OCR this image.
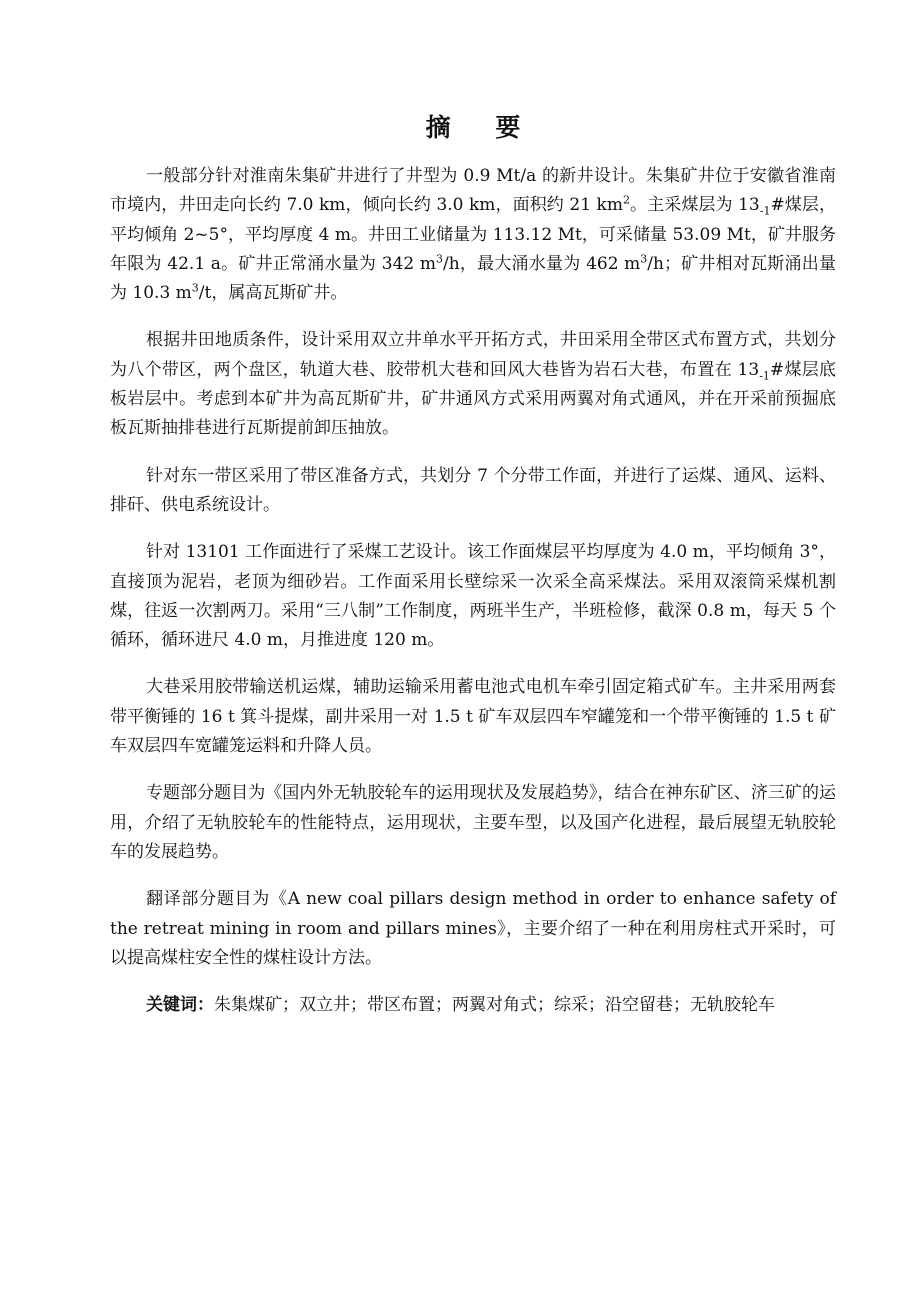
摘 要

一般部分针对淮南朱集矿井进行了井型为 0.9 Mt/a 的新井设计。朱集矿井位于安徽省淮南市境内，井田走向长约 7.0 km，倾向长约 3.0 km，面积约 21 $km^2$。主采煤层为 $13_{-1}\#$煤层，平均倾角 2~5°，平均厚度 4 m。井田工业储量为 113.12 Mt，可采储量 53.09 Mt，矿井服务年限为 42.1 a。矿井正常涌水量为 342 $m^3/h$，最大涌水量为 462 $m^3/h$；矿井相对瓦斯涌出量为 10.3 $m^3/t$，属高瓦斯矿井。

根据井田地质条件，设计采用双立井单水平开拓方式，井田采用全带区式布置方式，共划分为八个带区，两个盘区，轨道大巷、胶带机大巷和回风大巷皆为岩石大巷，布置在 $13_{-1}\#$煤层底板岩层中。考虑到本矿井为高瓦斯矿井，矿井通风方式采用两翼对角式通风，并在开采前预掘底板瓦斯抽排巷进行瓦斯提前卸压抽放。

针对东一带区采用了带区准备方式，共划分 7 个分带工作面，并进行了运煤、通风、运料、排矸、供电系统设计。

针对 13101 工作面进行了采煤工艺设计。该工作面煤层平均厚度为 4.0 m，平均倾角 3°，直接顶为泥岩，老顶为细砂岩。工作面采用长壁综采一次采全高采煤法。采用双滚筒采煤机割煤，往返一次割两刀。采用“三八制”工作制度，两班半生产，半班检修，截深 0.8 m，每天 5 个循环，循环进尺 4.0 m，月推进度 120 m。

大巷采用胶带输送机运煤，辅助运输采用蓄电池式电机车牵引固定箱式矿车。主井采用两套带平衡锤的 16 t 箕斗提煤，副井采用一对 1.5 t 矿车双层四车窄罐笼和一个带平衡锤的 1.5 t 矿车双层四车宽罐笼运料和升降人员。

专题部分题目为《国内外无轨胶轮车的运用现状及发展趋势》，结合在神东矿区、济三矿的运用，介绍了无轨胶轮车的性能特点，运用现状，主要车型，以及国产化进程，最后展望无轨胶轮车的发展趋势。

翻译部分题目为《A new coal pillars design method in order to enhance safety of the retreat mining in room and pillars mines》，主要介绍了一种在利用房柱式开采时，可以提高煤柱安全性的煤柱设计方法。

关键词：朱集煤矿；双立井；带区布置；两翼对角式；综采；沿空留巷；无轨胶轮车
